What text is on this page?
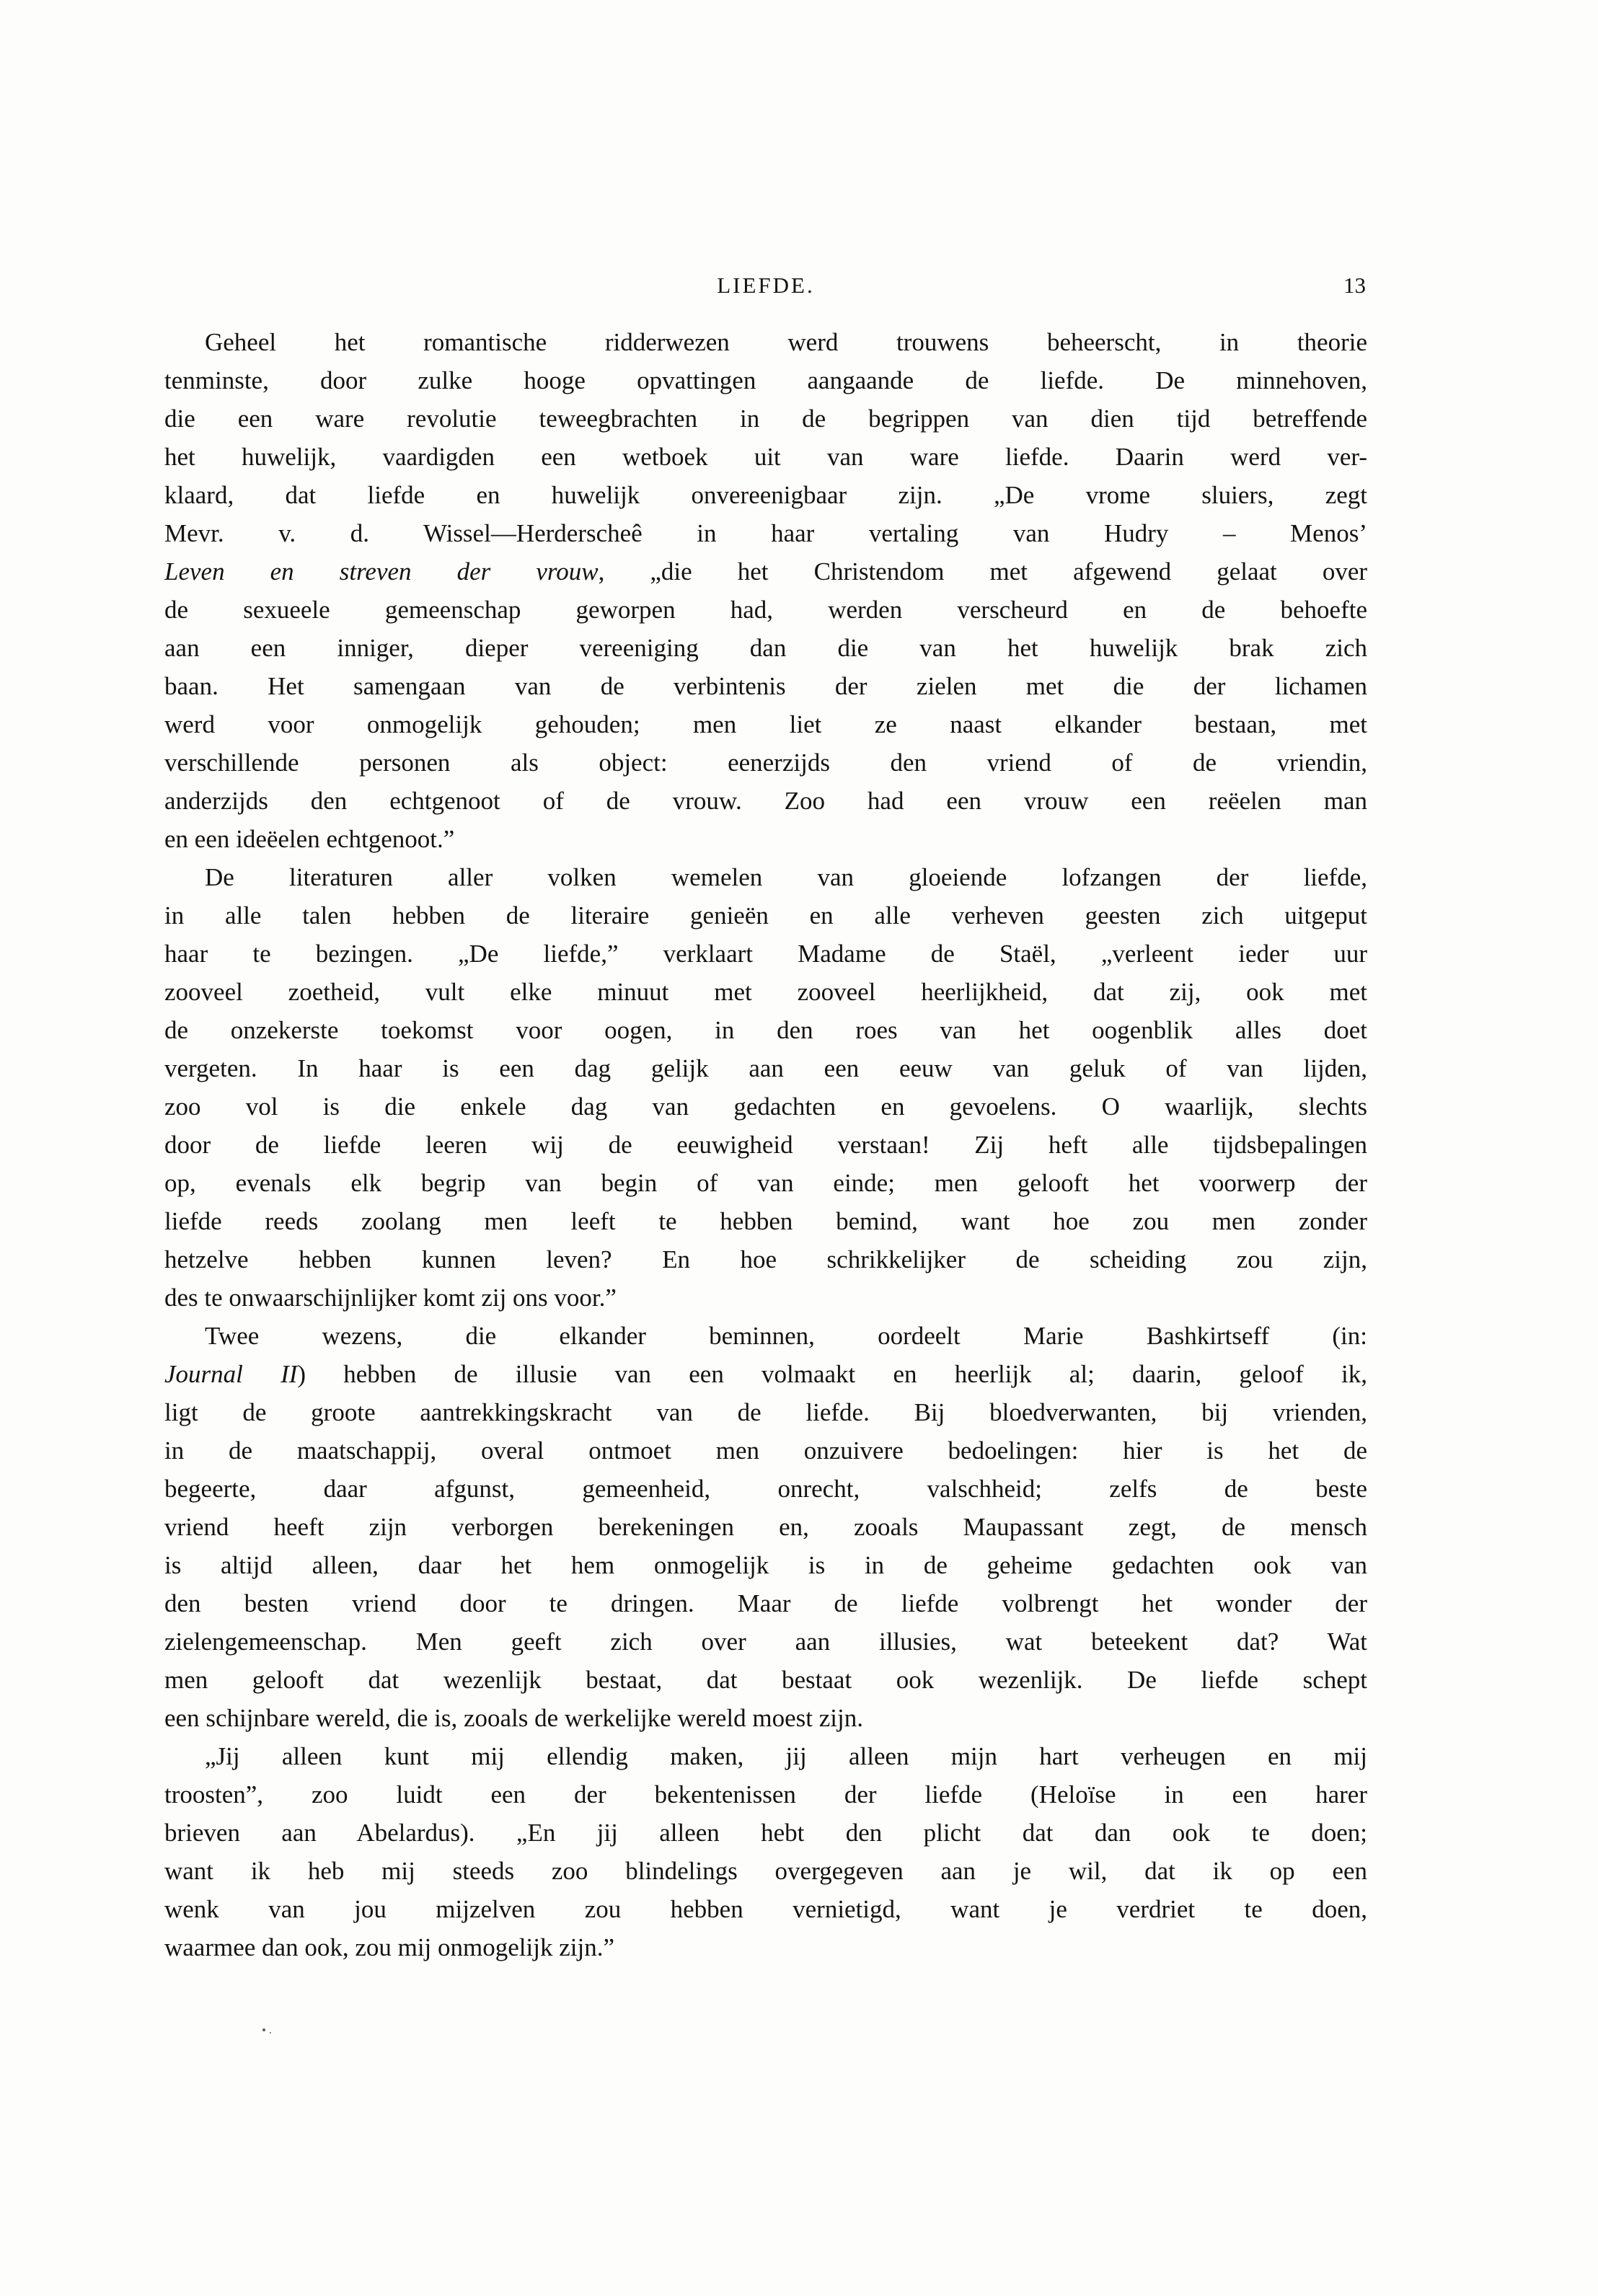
LIEFDE.	13
Geheel het romantische ridderwezen werd trouwens beheerscht, in theorie
tenminste, door zulke hooge opvattingen aangaande de liefde. De minnehoven,
die een ware revolutie teweegbrachten in de begrippen van dien tijd betreffende
het huwelijk, vaardigden een wetboek uit van ware liefde. Daarin werd ver-
klaard, dat liefde en huwelijk onvereenigbaar zijn. „De vrome sluiers, zegt
Mevr. v. d. Wissel—Herderscheê in haar vertaling van Hudry – Menos’
Leven en streven der vrouw, „die het Christendom met afgewend gelaat over
de sexueele gemeenschap geworpen had, werden verscheurd en de behoefte
aan een inniger, dieper vereeniging dan die van het huwelijk brak zich
baan. Het samengaan van de verbintenis der zielen met die der lichamen
werd voor onmogelijk gehouden; men liet ze naast elkander bestaan, met
verschillende personen als object: eenerzijds den vriend of de vriendin,
anderzijds den echtgenoot of de vrouw. Zoo had een vrouw een reëelen man
en een ideëelen echtgenoot.”
De literaturen aller volken wemelen van gloeiende lofzangen der liefde,
in alle talen hebben de literaire genieën en alle verheven geesten zich uitgeput
haar te bezingen. „De liefde,” verklaart Madame de Staël, „verleent ieder uur
zooveel zoetheid, vult elke minuut met zooveel heerlijkheid, dat zij, ook met
de onzekerste toekomst voor oogen, in den roes van het oogenblik alles doet
vergeten. In haar is een dag gelijk aan een eeuw van geluk of van lijden,
zoo vol is die enkele dag van gedachten en gevoelens. O waarlijk, slechts
door de liefde leeren wij de eeuwigheid verstaan! Zij heft alle tijdsbepalingen
op, evenals elk begrip van begin of van einde; men gelooft het voorwerp der
liefde reeds zoolang men leeft te hebben bemind, want hoe zou men zonder
hetzelve hebben kunnen leven? En hoe schrikkelijker de scheiding zou zijn,
des te onwaarschijnlijker komt zij ons voor.”
Twee wezens, die elkander beminnen, oordeelt Marie Bashkirtseff (in:
Journal II) hebben de illusie van een volmaakt en heerlijk al; daarin, geloof ik,
ligt de groote aantrekkingskracht van de liefde. Bij bloedverwanten, bij vrienden,
in de maatschappij, overal ontmoet men onzuivere bedoelingen: hier is het de
begeerte, daar afgunst, gemeenheid, onrecht, valschheid; zelfs de beste
vriend heeft zijn verborgen berekeningen en, zooals Maupassant zegt, de mensch
is altijd alleen, daar het hem onmogelijk is in de geheime gedachten ook van
den besten vriend door te dringen. Maar de liefde volbrengt het wonder der
zielengemeenschap. Men geeft zich over aan illusies, wat beteekent dat? Wat
men gelooft dat wezenlijk bestaat, dat bestaat ook wezenlijk. De liefde schept
een schijnbare wereld, die is, zooals de werkelijke wereld moest zijn.
„Jij alleen kunt mij ellendig maken, jij alleen mijn hart verheugen en mij
troosten”, zoo luidt een der bekentenissen der liefde (Heloïse in een harer
brieven aan Abelardus). „En jij alleen hebt den plicht dat dan ook te doen;
want ik heb mij steeds zoo blindelings overgegeven aan je wil, dat ik op een
wenk van jou mijzelven zou hebben vernietigd, want je verdriet te doen,
waarmee dan ook, zou mij onmogelijk zijn.”
